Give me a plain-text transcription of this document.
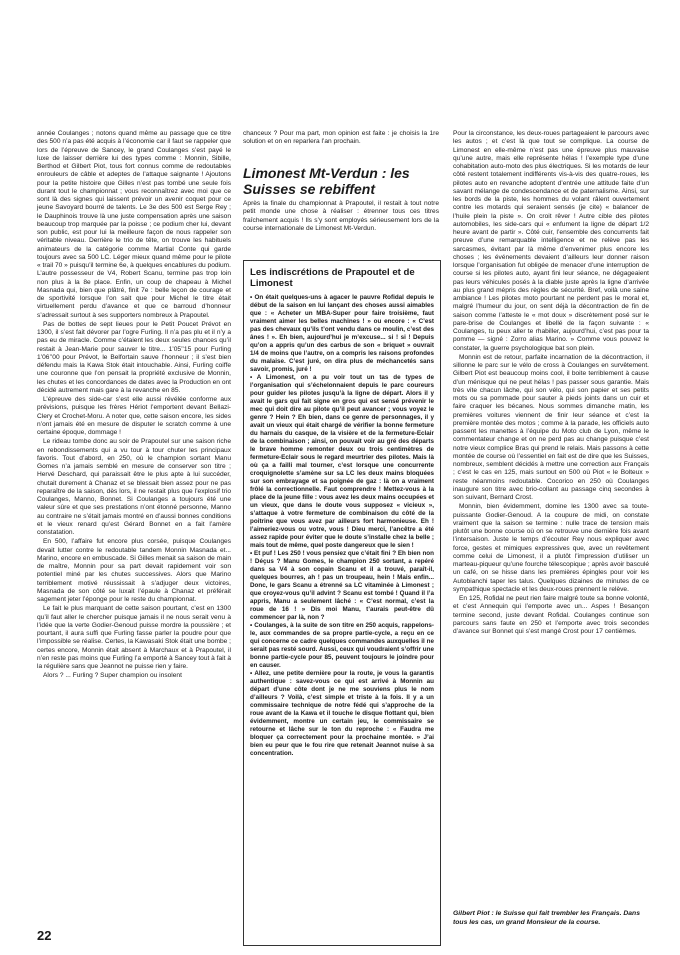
année Coulanges ; notons quand même au passage que ce titre des 500 n’a pas été acquis à l’économie car il faut se rappeler que lors de l’épreuve de Sancey, le grand Coulanges s’est payé le luxe de laisser derrière lui des types comme : Monnin, Sibille, Berthod et Gilbert Piot, tous fort connus comme de redoutables enrouleurs de câble et adeptes de l’attaque saignante ! Ajoutons pour la petite histoire que Gilles n’est pas tombé une seule fois durant tout le championnat ; vous reconnaîtrez avec moi que ce sont là des signes qui laissent prévoir un avenir coquet pour ce jeune Savoyard bourré de talents. Le 3e des 500 est Serge Rey ; le Dauphinois trouve là une juste compensation après une saison beaucoup trop marquée par la poisse ; ce podium cher lui, devant son public, est pour lui la meilleure façon de nous rappeler son véritable niveau. Derrière le trio de tête, on trouve les habituels animateurs de la catégorie comme Martial Conte qui garde toujours avec sa 500 LC. Léger mieux quand même pour le pilote « trail 70 » puisqu’il termine 6e, à quelques encablures du podium. L’autre possesseur de V4, Robert Scanu, termine pas trop loin non plus à la 8e place. Enfin, un coup de chapeau à Michel Masnada qui, bien que plâtré, finit 7e : belle leçon de courage et de sportivité lorsque l’on sait que pour Michel le titre était virtuellement perdu d’avance et que ce barroud d’honneur s’adressait surtout à ses supporters nombreux à Prapoutel.

Pas de bottes de sept lieues pour le Petit Poucet Prévot en 1300, il s’est fait dévorer par l’ogre Furling. Il n’a pas plu et il n’y a pas eu de miracle. Comme c’étaient les deux seules chances qu’il restait à Jean-Marie pour sauver le titre... 1’05’’15 pour Furling 1’06’’00 pour Prévot, le Belfortain sauve l’honneur ; il s’est bien défendu mais la Kawa Stok était intouchable. Ainsi, Furling coiffe une couronne que l’on pensait la propriété exclusive de Monnin, les chutes et les concordances de dates avec la Production en ont décidé autrement mais gare à la revanche en 85.

L’épreuve des side-car s’est elle aussi révélée conforme aux prévisions, puisque les frères Hériot l’emportent devant Bellazi-Clery et Crochet-Moru. A noter que, cette saison encore, les sides n’ont jamais été en mesure de disputer le scratch comme à une certaine époque, dommage !

Le rideau tombe donc au soir de Prapoutel sur une saison riche en rebondissements qui a vu tour à tour chuter les principaux favoris. Tout d’abord, en 250, où le champion sortant Manu Gomes n’a jamais semblé en mesure de conserver son titre ; Hervé Deschard, qui paraissait être le plus apte à lui succéder, chutait durement à Chanaz et se blessait bien assez pour ne pas reparaître de la saison, dès lors, il ne restait plus que l’explosif trio Coulanges, Manno, Bonnet. Si Coulanges a toujours été une valeur sûre et que ses prestations n’ont étonné personne, Manno au contraire ne s’était jamais montré en d’aussi bonnes conditions et le vieux renard qu’est Gérard Bonnet en a fait l’amère constatation.

En 500, l’affaire fut encore plus corsée, puisque Coulanges devait lutter contre le redoutable tandem Monnin Masnada et... Marino, encore en embuscade. Si Gilles menait sa saison de main de maître, Monnin pour sa part devait rapidement voir son potentiel miné par les chutes successives. Alors que Marino terriblement motivé réussissait à s’adjuger deux victoires, Masnada de son côté se luxait l’épaule à Chanaz et préférait sagement jeter l’éponge pour le reste du championnat.

Le fait le plus marquant de cette saison pourtant, c’est en 1300 qu’il faut aller le chercher puisque jamais il ne nous serait venu à l’idée que la verte Godier-Genoud puisse mordre la poussière ; et pourtant, il aura suffi que Furling fasse parler la poudre pour que l’impossible se réalise. Certes, la Kawasaki Stok était une bombe ; certes encore, Monnin était absent à Marchaux et à Prapoutel, il n’en reste pas moins que Furling l’a emporté à Sancey tout à fait à la régulière sans que Jeannot ne puisse rien y faire.

Alors ? ... Furling ? Super champion ou insolent

chanceux ? Pour ma part, mon opinion est faite : je choisis la 1re solution et on en reparlera l’an prochain.

Limonest Mt-Verdun : les Suisses se rebiffent

Après la finale du championnat à Prapoutel, il restait à tout notre petit monde une chose à réaliser : étrenner tous ces titres fraîchement acquis ! Ils s’y sont employés sérieusement lors de la course internationale de Limonest Mt-Verdun.

Les indiscrétions de Prapoutel et de Limonest

• On était quelques-uns à agacer le pauvre Rofidal depuis le début de la saison en lui lançant des choses aussi aimables que : « Acheter un MBA-Super pour faire troisième, faut vraiment aimer les belles machines ! » ou encore : « C’est pas des chevaux qu’ils t’ont vendu dans ce moulin, c’est des ânes ! ». Eh bien, aujourd’hui je m’excuse... si ! si ! Depuis qu’on a appris qu’un des carbus de son « briquet » ouvrait 1/4 de moins que l’autre, on a compris les raisons profondes du malaise. C’est juré, on dira plus de méchancetés sans savoir, promis, juré !

• A Limonest, on a pu voir tout un tas de types de l’organisation qui s’échelonnaient depuis le parc coureurs pour guider les pilotes jusqu’à la ligne de départ. Alors il y avait le gars qui fait signe en gros qui est sensé prévenir le mec qui doit dire au pilote qu’il peut avancer ; vous voyez le genre ? Hein ? Eh bien, dans ce genre de personnages, il y avait un vieux qui était chargé de vérifier la bonne fermeture du harnais du casque, de la visière et de la fermeture-Eclair de la combinaison ; ainsi, on pouvait voir au gré des départs le brave homme remonter deux ou trois centimètres de fermeture-Eclair sous le regard meurtrier des pilotes. Mais là où ça a failli mal tourner, c’est lorsque une concurrente croquignolette s’amène sur sa LC les deux mains bloquées sur son embrayage et sa poignée de gaz : là on a vraiment frôlé la correctionnelle. Faut comprendre ! Mettez-vous à la place de la jeune fille : vous avez les deux mains occupées et un vieux, que dans le doute vous supposez « vicieux », s’attaque à votre fermeture de combinaison du côté de la poitrine que vous avez par ailleurs fort harmonieuse. Eh ! l’aimeriez-vous ou votre, vous ! Dieu merci, l’ancêtre a été assez rapide pour éviter que le doute s’installe chez la belle ; mais tout de même, quel poste dangereux que le sien !

• Et puf ! Les 250 ! vous pensiez que c’était fini ? Eh bien non ! Déçus ? Manu Gomes, le champion 250 sortant, a repéré dans sa V4 à son copain Scanu et il a trouvé, paraît-il, quelques bourres, ah ! pas un troupeau, hein ! Mais enfin... Donc, le gars Scanu a étrenné sa LC vitaminée à Limonest ; que croyez-vous qu’il advint ? Scanu est tombé ! Quand il l’a appris, Manu a seulement lâché : « C’est normal, c’est la roue de 16 ! » Dis moi Manu, t’aurais peut-être dû commencer par là, non ?

• Coulanges, à la suite de son titre en 250 acquis, rappelons-le, aux commandes de sa propre partie-cycle, a reçu en ce qui concerne ce cadre quelques commandes auxquelles il ne serait pas resté sourd. Aussi, ceux qui voudraient s’offrir une bonne partie-cycle pour 85, peuvent toujours le joindre pour en causer.

• Allez, une petite dernière pour la route, je vous la garantis authentique : savez-vous ce qui est arrivé à Monnin au départ d’une côte dont je ne me souviens plus le nom d’ailleurs ? Voilà, c’est simple et triste à la fois. Il y a un commissaire technique de notre fédé qui s’approche de la roue avant de la Kawa et il touche le disque flottant qui, bien évidemment, montre un certain jeu, le commissaire se retourne et lâche sur le ton du reproche : « Faudra me bloquer ça correctement pour la prochaine montée. » J’ai bien eu peur que le fou rire que retenait Jeannot nuise à sa concentration.

Pour la circonstance, les deux-roues partageaient le parcours avec les autos ; et c’est là que tout se complique. La course de Limonest en elle-même n’est pas une épreuve plus mauvaise qu’une autre, mais elle représente hélas ! l’exemple type d’une cohabitation auto-moto des plus électriques. Si les motards de leur côté restent totalement indifférents vis-à-vis des quatre-roues, les pilotes auto en revanche adoptent d’entrée une attitude faite d’un savant mélange de condescendance et de paternalisme. Ainsi, sur les bords de la piste, les hommes du volant râlent ouvertement contre les motards qui seraient sensés (je cite) « balancer de l’huile plein la piste ». On croit rêver ! Autre cible des pilotes automobiles, les side-cars qui « enfument la ligne de départ 1/2 heure avant de partir ». Côté cuir, l’ensemble des concurrents fait preuve d’une remarquable intelligence et ne relève pas les sarcasmes, évitant par là même d’envenimer plus encore les choses ; les événements devaient d’ailleurs leur donner raison lorsque l’organisation fut obligée de menacer d’une interruption de course si les pilotes auto, ayant fini leur séance, ne dégageaient pas leurs véhicules posés à la diable juste après la ligne d’arrivée au plus grand mépris des règles de sécurité. Bref, voilà une saine ambiance ! Les pilotes moto pourtant ne perdent pas le moral et, malgré l’humeur du jour, on sent déjà la décontraction de fin de saison comme l’atteste le « mot doux » discrètement posé sur le pare-brise de Coulanges et libellé de la façon suivante : « Coulanges, tu peux aller te rhabiller, aujourd’hui, c’est pas pour ta pomme — signé : Zorro alias Marino. » Comme vous pouvez le constater, la guerre psychologique bat son plein.

Monnin est de retour, parfaite incarnation de la décontraction, il sillonne le parc sur le vélo de cross à Coulanges en survêtement. Gilbert Piot est beaucoup moins cool, il boite terriblement à cause d’un ménisque qui ne peut hélas ! pas passer sous garantie. Mais très vite chacun lâche, qui son vélo, qui son papier et ses petits mots ou sa pommade pour sauter à pieds joints dans un cuir et faire craquer les bécanes. Nous sommes dimanche matin, les premières voitures viennent de finir leur séance et c’est la première montée des motos ; comme à la parade, les officiels auto passent les manettes à l’équipe du Moto club de Lyon, même le commentateur change et on ne perd pas au change puisque c’est notre vieux complice Bras qui prend le relais. Mais passons à cette montée de course où l’essentiel en fait est de dire que les Suisses, nombreux, semblent décidés à mettre une correction aux Français ; c’est le cas en 125, mais surtout en 500 où Piot « le Bolteux » reste néanmoins redoutable. Cocorico en 250 où Coulanges inaugure son titre avec brio-collant au passage cinq secondes à son suivant, Bernard Crost.

Monnin, bien évidemment, domine les 1300 avec sa toute-puissante Godier-Genoud. A la coupure de midi, on constate vraiment que la saison se termine : nulle trace de tension mais plutôt une bonne course où on se retrouve une dernière fois avant l’intersaison. Juste le temps d’écouter Rey nous expliquer avec force, gestes et mimiques expressives que, avec un revêtement comme celui de Limonest, il a plutôt l’impression d’utiliser un marteau-piqueur qu’une fourche télescopique ; après avoir basculé un café, on se hisse dans les premières épingles pour voir les Autobianchi taper les talus. Quelques dizaines de minutes de ce sympathique spectacle et les deux-roues prennent le relève.

En 125, Rofidal ne peut rien faire malgré toute sa bonne volonté, et c’est Annequin qui l’emporte avec un... Aspes ! Besançon termine second, juste devant Rofidal. Coulanges continue son parcours sans faute en 250 et l’emporte avec trois secondes d’avance sur Bonnet qui s’est mangé Crost pour 17 centièmes.

Gilbert Piot : le Suisse qui fait trembler les Français. Dans tous les cas, un grand Monsieur de la course.

22
